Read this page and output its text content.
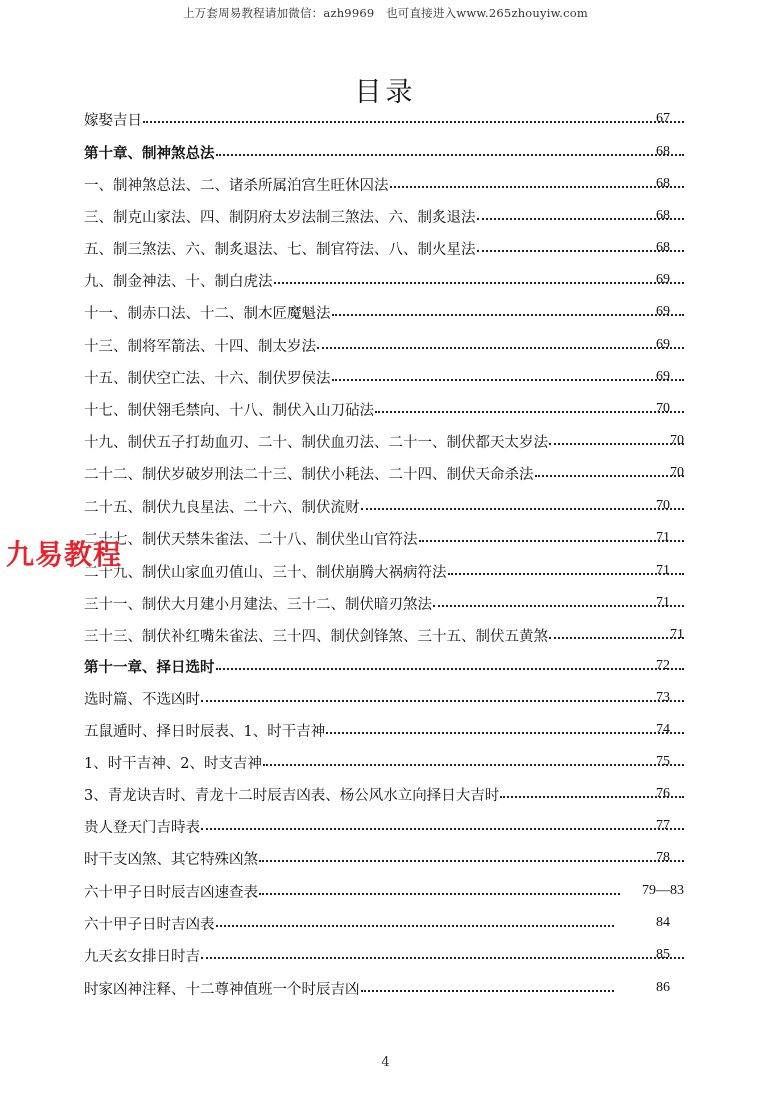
上万套周易教程请加微信：azh9969　也可直接进入www.265zhouyiw.com
目录
嫁娶吉日	67
第十章、制神煞总法	68
一、制神煞总法、二、诸杀所属泊宫生旺休囚法	68
三、制克山家法、四、制阴府太岁法制三煞法、六、制炙退法	68
五、制三煞法、六、制炙退法、七、制官符法、八、制火星法	68
九、制金神法、十、制白虎法	69
十一、制赤口法、十二、制木匠魔魁法	69
十三、制将军箭法、十四、制太岁法	69
十五、制伏空亡法、十六、制伏罗侯法	69
十七、制伏翎毛禁向、十八、制伏入山刀砧法	70
十九、制伏五子打劫血刃、二十、制伏血刃法、二十一、制伏都天太岁法	70
二十二、制伏岁破岁刑法二十三、制伏小耗法、二十四、制伏天命杀法	70
二十五、制伏九良星法、二十六、制伏流财	70
二十七、制伏天禁朱雀法、二十八、制伏坐山官符法	71
二十九、制伏山家血刃值山、三十、制伏崩腾大祸病符法	71
三十一、制伏大月建小月建法、三十二、制伏暗刃煞法	71
三十三、制伏补红嘴朱雀法、三十四、制伏剑锋煞、三十五、制伏五黄煞	71
第十一章、择日选时	72
选时篇、不选凶时	73
五鼠遁时、择日时辰表、1、时干吉神	74
1、时干吉神、2、时支吉神	75
3、青龙诀吉时、青龙十二时辰吉凶表、杨公风水立向择日大吉时	76
贵人登天门吉時表	77
时干支凶煞、其它特殊凶煞	78
六十甲子日时辰吉凶速查表	79—83
六十甲子日时吉凶表	84
九天玄女排日时吉	85
时家凶神注释、十二尊神值班一个时辰吉凶	86
九易教程
4
